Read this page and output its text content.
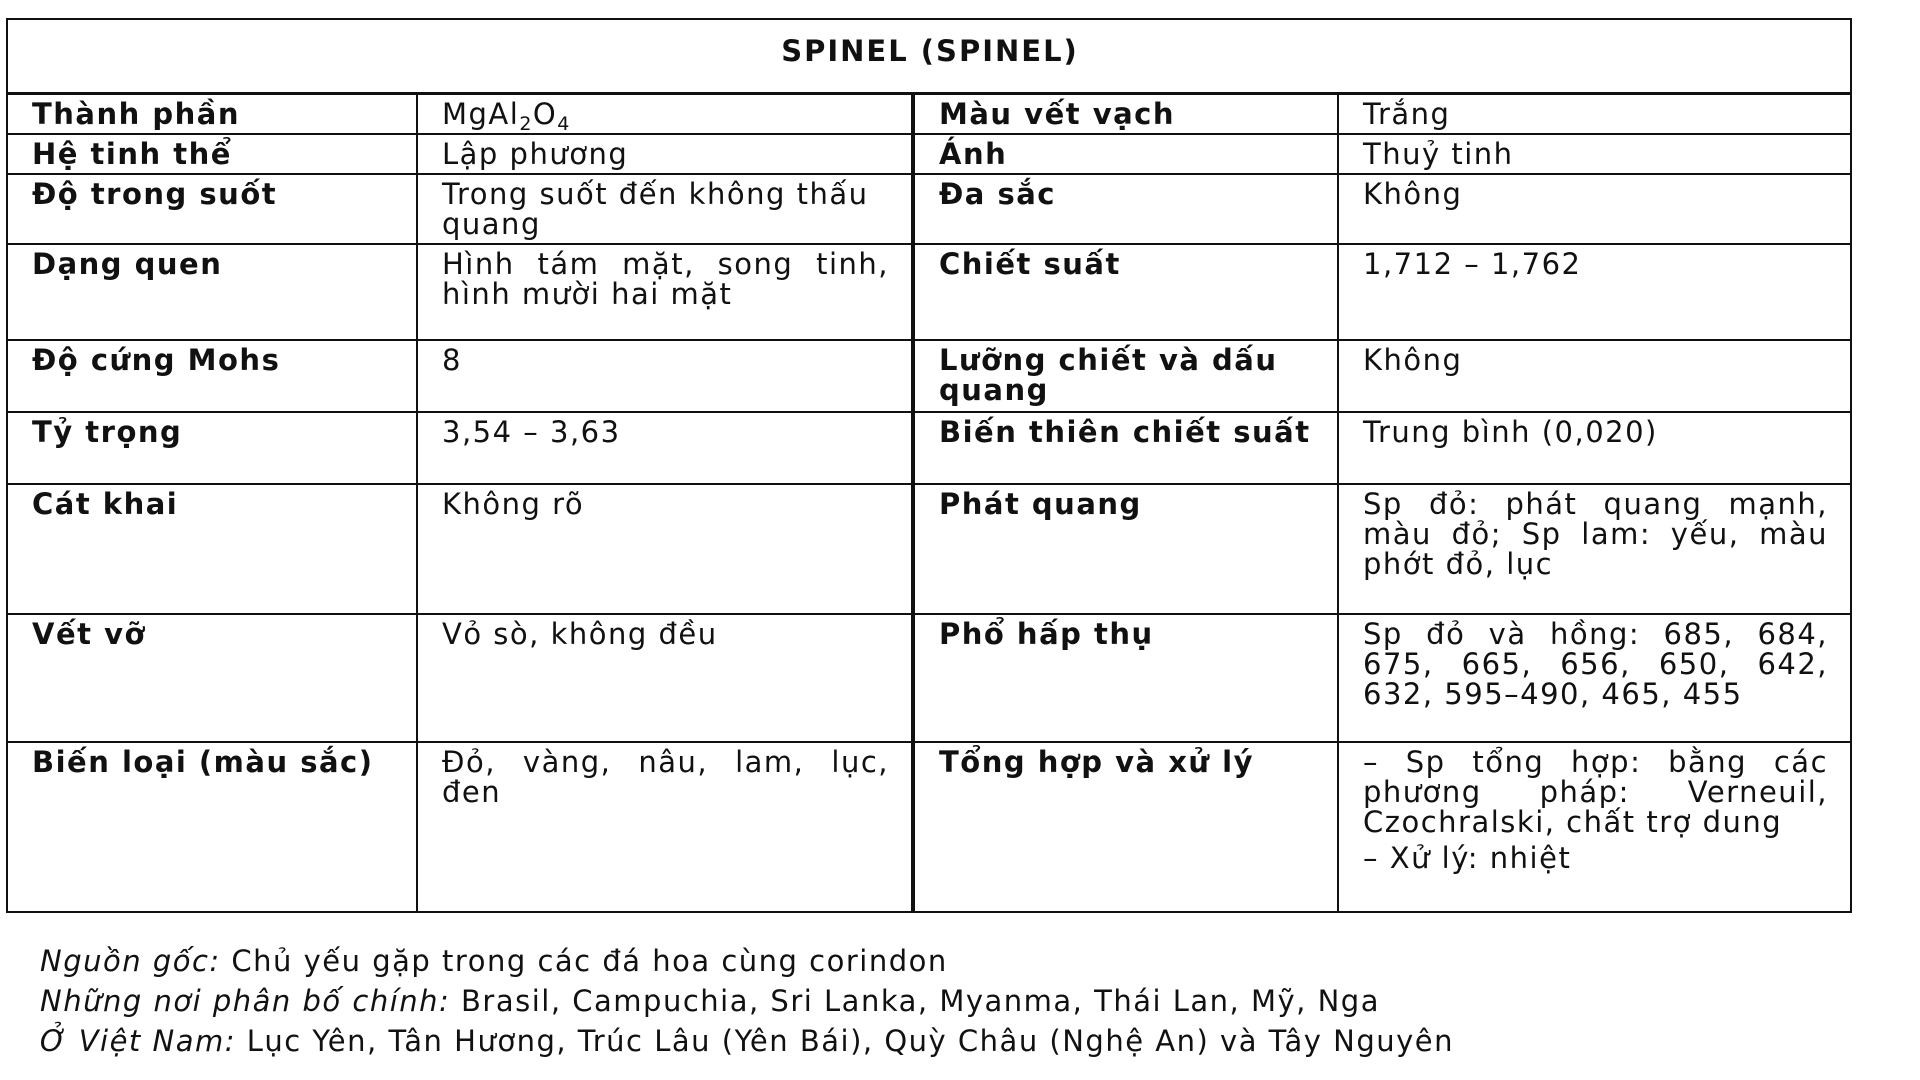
SPINEL (SPINEL)			
Thành phần	$MgAl_2O_4$	Màu vết vạch	Trắng
Hệ tinh thể	Lập phương	Ánh	Thuỷ tinh
Độ trong suốt	Trong suốt đến không thấu quang	Đa sắc	Không
Dạng quen	Hình tám mặt, song tinh, hình mười hai mặt	Chiết suất	1,712 – 1,762
Độ cứng Mohs	8	Lưỡng chiết và dấu quang	Không
Tỷ trọng	3,54 – 3,63	Biến thiên chiết suất	Trung bình (0,020)
Cát khai	Không rõ	Phát quang	Sp đỏ: phát quang mạnh, màu đỏ; Sp lam: yếu, màu phớt đỏ, lục
Vết vỡ	Vỏ sò, không đều	Phổ hấp thụ	Sp đỏ và hồng: 685, 684, 675, 665, 656, 650, 642, 632, 595–490, 465, 455
Biến loại (màu sắc)	Đỏ, vàng, nâu, lam, lục, đen	Tổng hợp và xử lý	– Sp tổng hợp: bằng các phương pháp: Verneuil, Czochralski, chất trợ dung
– Xử lý: nhiệt

Nguồn gốc: Chủ yếu gặp trong các đá hoa cùng corindon

Những nơi phân bố chính: Brasil, Campuchia, Sri Lanka, Myanma, Thái Lan, Mỹ, Nga

Ở Việt Nam: Lục Yên, Tân Hương, Trúc Lâu (Yên Bái), Quỳ Châu (Nghệ An) và Tây Nguyên
